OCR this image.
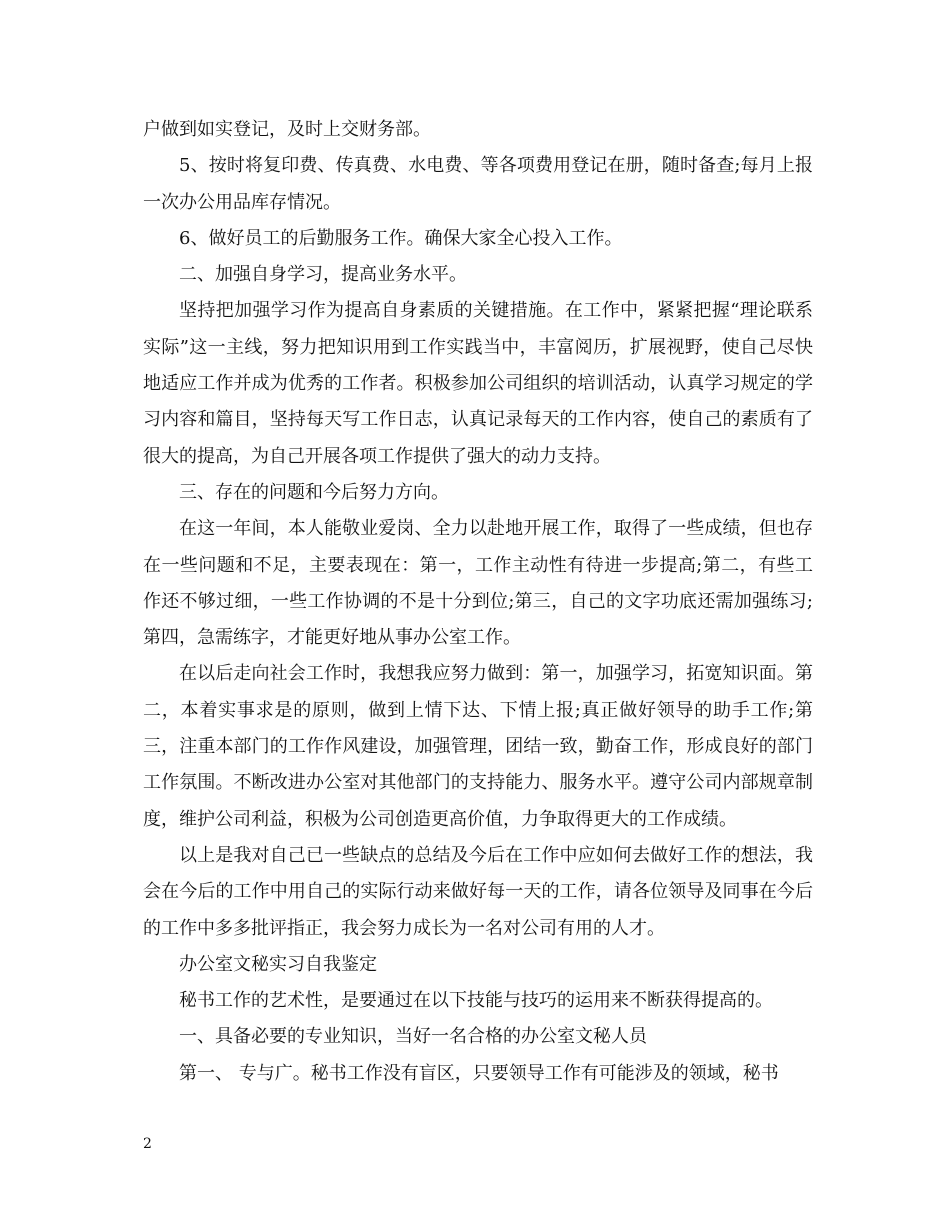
户做到如实登记，及时上交财务部。

5、按时将复印费、传真费、水电费、等各项费用登记在册，随时备查;每月上报一次办公用品库存情况。

6、做好员工的后勤服务工作。确保大家全心投入工作。

二、加强自身学习，提高业务水平。

坚持把加强学习作为提高自身素质的关键措施。在工作中，紧紧把握“理论联系实际”这一主线，努力把知识用到工作实践当中，丰富阅历，扩展视野，使自己尽快地适应工作并成为优秀的工作者。积极参加公司组织的培训活动，认真学习规定的学习内容和篇目，坚持每天写工作日志，认真记录每天的工作内容，使自己的素质有了很大的提高，为自己开展各项工作提供了强大的动力支持。

三、存在的问题和今后努力方向。

在这一年间，本人能敬业爱岗、全力以赴地开展工作，取得了一些成绩，但也存在一些问题和不足，主要表现在：第一，工作主动性有待进一步提高;第二，有些工作还不够过细，一些工作协调的不是十分到位;第三，自己的文字功底还需加强练习;第四，急需练字，才能更好地从事办公室工作。

在以后走向社会工作时，我想我应努力做到：第一，加强学习，拓宽知识面。第二，本着实事求是的原则，做到上情下达、下情上报;真正做好领导的助手工作;第三，注重本部门的工作作风建设，加强管理，团结一致，勤奋工作，形成良好的部门工作氛围。不断改进办公室对其他部门的支持能力、服务水平。遵守公司内部规章制度，维护公司利益，积极为公司创造更高价值，力争取得更大的工作成绩。

以上是我对自己已一些缺点的总结及今后在工作中应如何去做好工作的想法，我会在今后的工作中用自己的实际行动来做好每一天的工作，请各位领导及同事在今后的工作中多多批评指正，我会努力成长为一名对公司有用的人才。

办公室文秘实习自我鉴定

秘书工作的艺术性，是要通过在以下技能与技巧的运用来不断获得提高的。

一、具备必要的专业知识，当好一名合格的办公室文秘人员

第一、 专与广。秘书工作没有盲区，只要领导工作有可能涉及的领域，秘书

2
